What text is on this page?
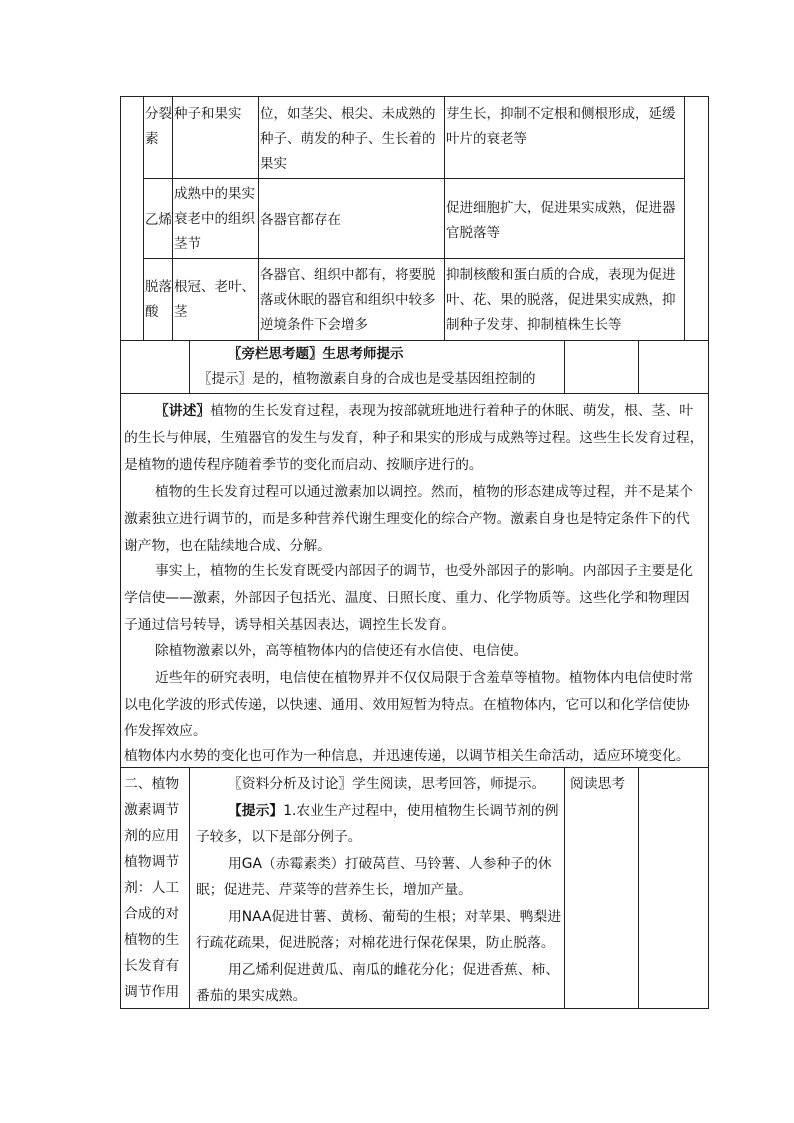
分裂
素
种子和果实 位，如茎尖、根尖、未成熟的
种子、萌发的种子、生长着的
果实
芽生长，抑制不定根和侧根形成，延缓
叶片的衰老等
乙烯
成熟中的果实
衰老中的组织
茎节
各器官都存在
促进细胞扩大，促进果实成熟，促进器
官脱落等
脱落
酸
根冠、老叶、
茎
各器官、组织中都有，将要脱
落或休眠的器官和组织中较多
逆境条件下会增多
抑制核酸和蛋白质的合成，表现为促进
叶、花、果的脱落，促进果实成熟，抑
制种子发芽、抑制植株生长等
〖旁栏思考题〗生思考师提示
〖提示〗是的，植物激素自身的合成也是受基因组控制的
〖讲述〗植物的生长发育过程，表现为按部就班地进行着种子的休眠、萌发，根、茎、叶
的生长与伸展，生殖器官的发生与发育，种子和果实的形成与成熟等过程。这些生长发育过程，
是植物的遗传程序随着季节的变化而启动、按顺序进行的。
植物的生长发育过程可以通过激素加以调控。然而，植物的形态建成等过程，并不是某个
激素独立进行调节的，而是多种营养代谢生理变化的综合产物。激素自身也是特定条件下的代
谢产物，也在陆续地合成、分解。
事实上，植物的生长发育既受内部因子的调节，也受外部因子的影响。内部因子主要是化
学信使——激素，外部因子包括光、温度、日照长度、重力、化学物质等。这些化学和物理因
子通过信号转导，诱导相关基因表达，调控生长发育。
除植物激素以外，高等植物体内的信使还有水信使、电信使。
近些年的研究表明，电信使在植物界并不仅仅局限于含羞草等植物。植物体内电信使时常
以电化学波的形式传递，以快速、通用、效用短暂为特点。在植物体内，它可以和化学信使协
作发挥效应。
植物体内水势的变化也可作为一种信息，并迅速传递，以调节相关生命活动，适应环境变化。
二、植物
激素调节
剂的应用
植物调节
剂：人工
合成的对
植物的生
长发育有
调节作用
〖资料分析及讨论〗学生阅读，思考回答，师提示。
【提示】1.农业生产过程中，使用植物生长调节剂的例
子较多，以下是部分例子。
用GA（赤霉素类）打破莴苣、马铃薯、人参种子的休
眠；促进芫、芹菜等的营养生长，增加产量。
用NAA促进甘薯、黄杨、葡萄的生根；对苹果、鸭梨进
行疏花疏果，促进脱落；对棉花进行保花保果，防止脱落。
用乙烯利促进黄瓜、南瓜的雌花分化；促进香蕉、柿、
番茄的果实成熟。
阅读思考
